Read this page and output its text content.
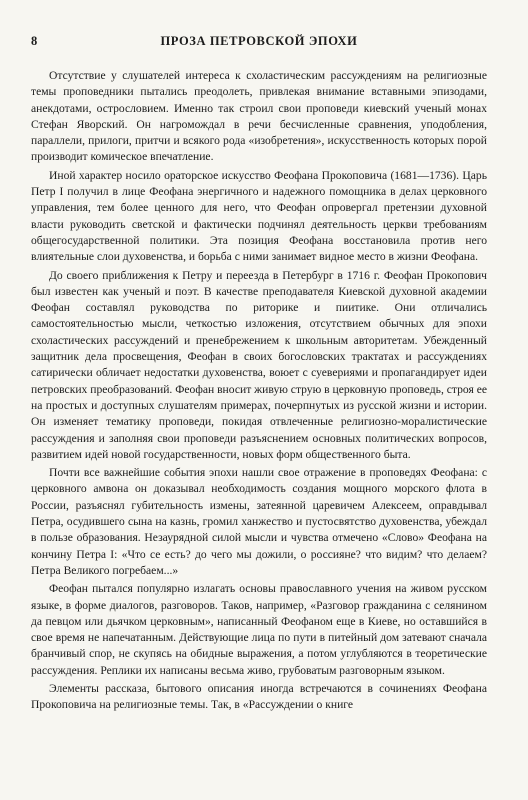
8	ПРОЗА ПЕТРОВСКОЙ ЭПОХИ

Отсутствие у слушателей интереса к схоластическим рассуждениям на религиозные темы проповедники пытались преодолеть, привлекая внимание вставными эпизодами, анекдотами, острословием. Именно так строил свои проповеди киевский ученый монах Стефан Яворский. Он нагромождал в речи бесчисленные сравнения, уподобления, параллели, прилоги, притчи и всякого рода «изобретения», искусственность которых порой производит комическое впечатление.

Иной характер носило ораторское искусство Феофана Прокоповича (1681—1736). Царь Петр I получил в лице Феофана энергичного и надежного помощника в делах церковного управления, тем более ценного для него, что Феофан опровергал претензии духовной власти руководить светской и фактически подчинял деятельность церкви требованиям общегосударственной политики. Эта позиция Феофана восстановила против него влиятельные слои духовенства, и борьба с ними занимает видное место в жизни Феофана.

До своего приближения к Петру и переезда в Петербург в 1716 г. Феофан Прокопович был известен как ученый и поэт. В качестве преподавателя Киевской духовной академии Феофан составлял руководства по риторике и пиитике. Они отличались самостоятельностью мысли, четкостью изложения, отсутствием обычных для эпохи схоластических рассуждений и пренебрежением к школьным авторитетам. Убежденный защитник дела просвещения, Феофан в своих богословских трактатах и рассуждениях сатирически обличает недостатки духовенства, воюет с суевериями и пропагандирует идеи петровских преобразований. Феофан вносит живую струю в церковную проповедь, строя ее на простых и доступных слушателям примерах, почерпнутых из русской жизни и истории. Он изменяет тематику проповеди, покидая отвлеченные религиозно-моралистические рассуждения и заполняя свои проповеди разъяснением основных политических вопросов, развитием идей новой государственности, новых форм общественного быта.

Почти все важнейшие события эпохи нашли свое отражение в проповедях Феофана: с церковного амвона он доказывал необходимость создания мощного морского флота в России, разъяснял губительность измены, затеянной царевичем Алексеем, оправдывал Петра, осудившего сына на казнь, громил ханжество и пустосвятство духовенства, убеждал в пользе образования. Незаурядной силой мысли и чувства отмечено «Слово» Феофана на кончину Петра I: «Что се есть? до чего мы дожили, о россияне? что видим? что делаем? Петра Великого погребаем...»

Феофан пытался популярно излагать основы православного учения на живом русском языке, в форме диалогов, разговоров. Таков, например, «Разговор гражданина с селянином да певцом или дьячком церковным», написанный Феофаном еще в Киеве, но оставшийся в свое время не напечатанным. Действующие лица по пути в питейный дом затевают сначала бранчивый спор, не скупясь на обидные выражения, а потом углубляются в теоретические рассуждения. Реплики их написаны весьма живо, грубоватым разговорным языком.

Элементы рассказа, бытового описания иногда встречаются в сочинениях Феофана Прокоповича на религиозные темы. Так, в «Рассуждении о книге
